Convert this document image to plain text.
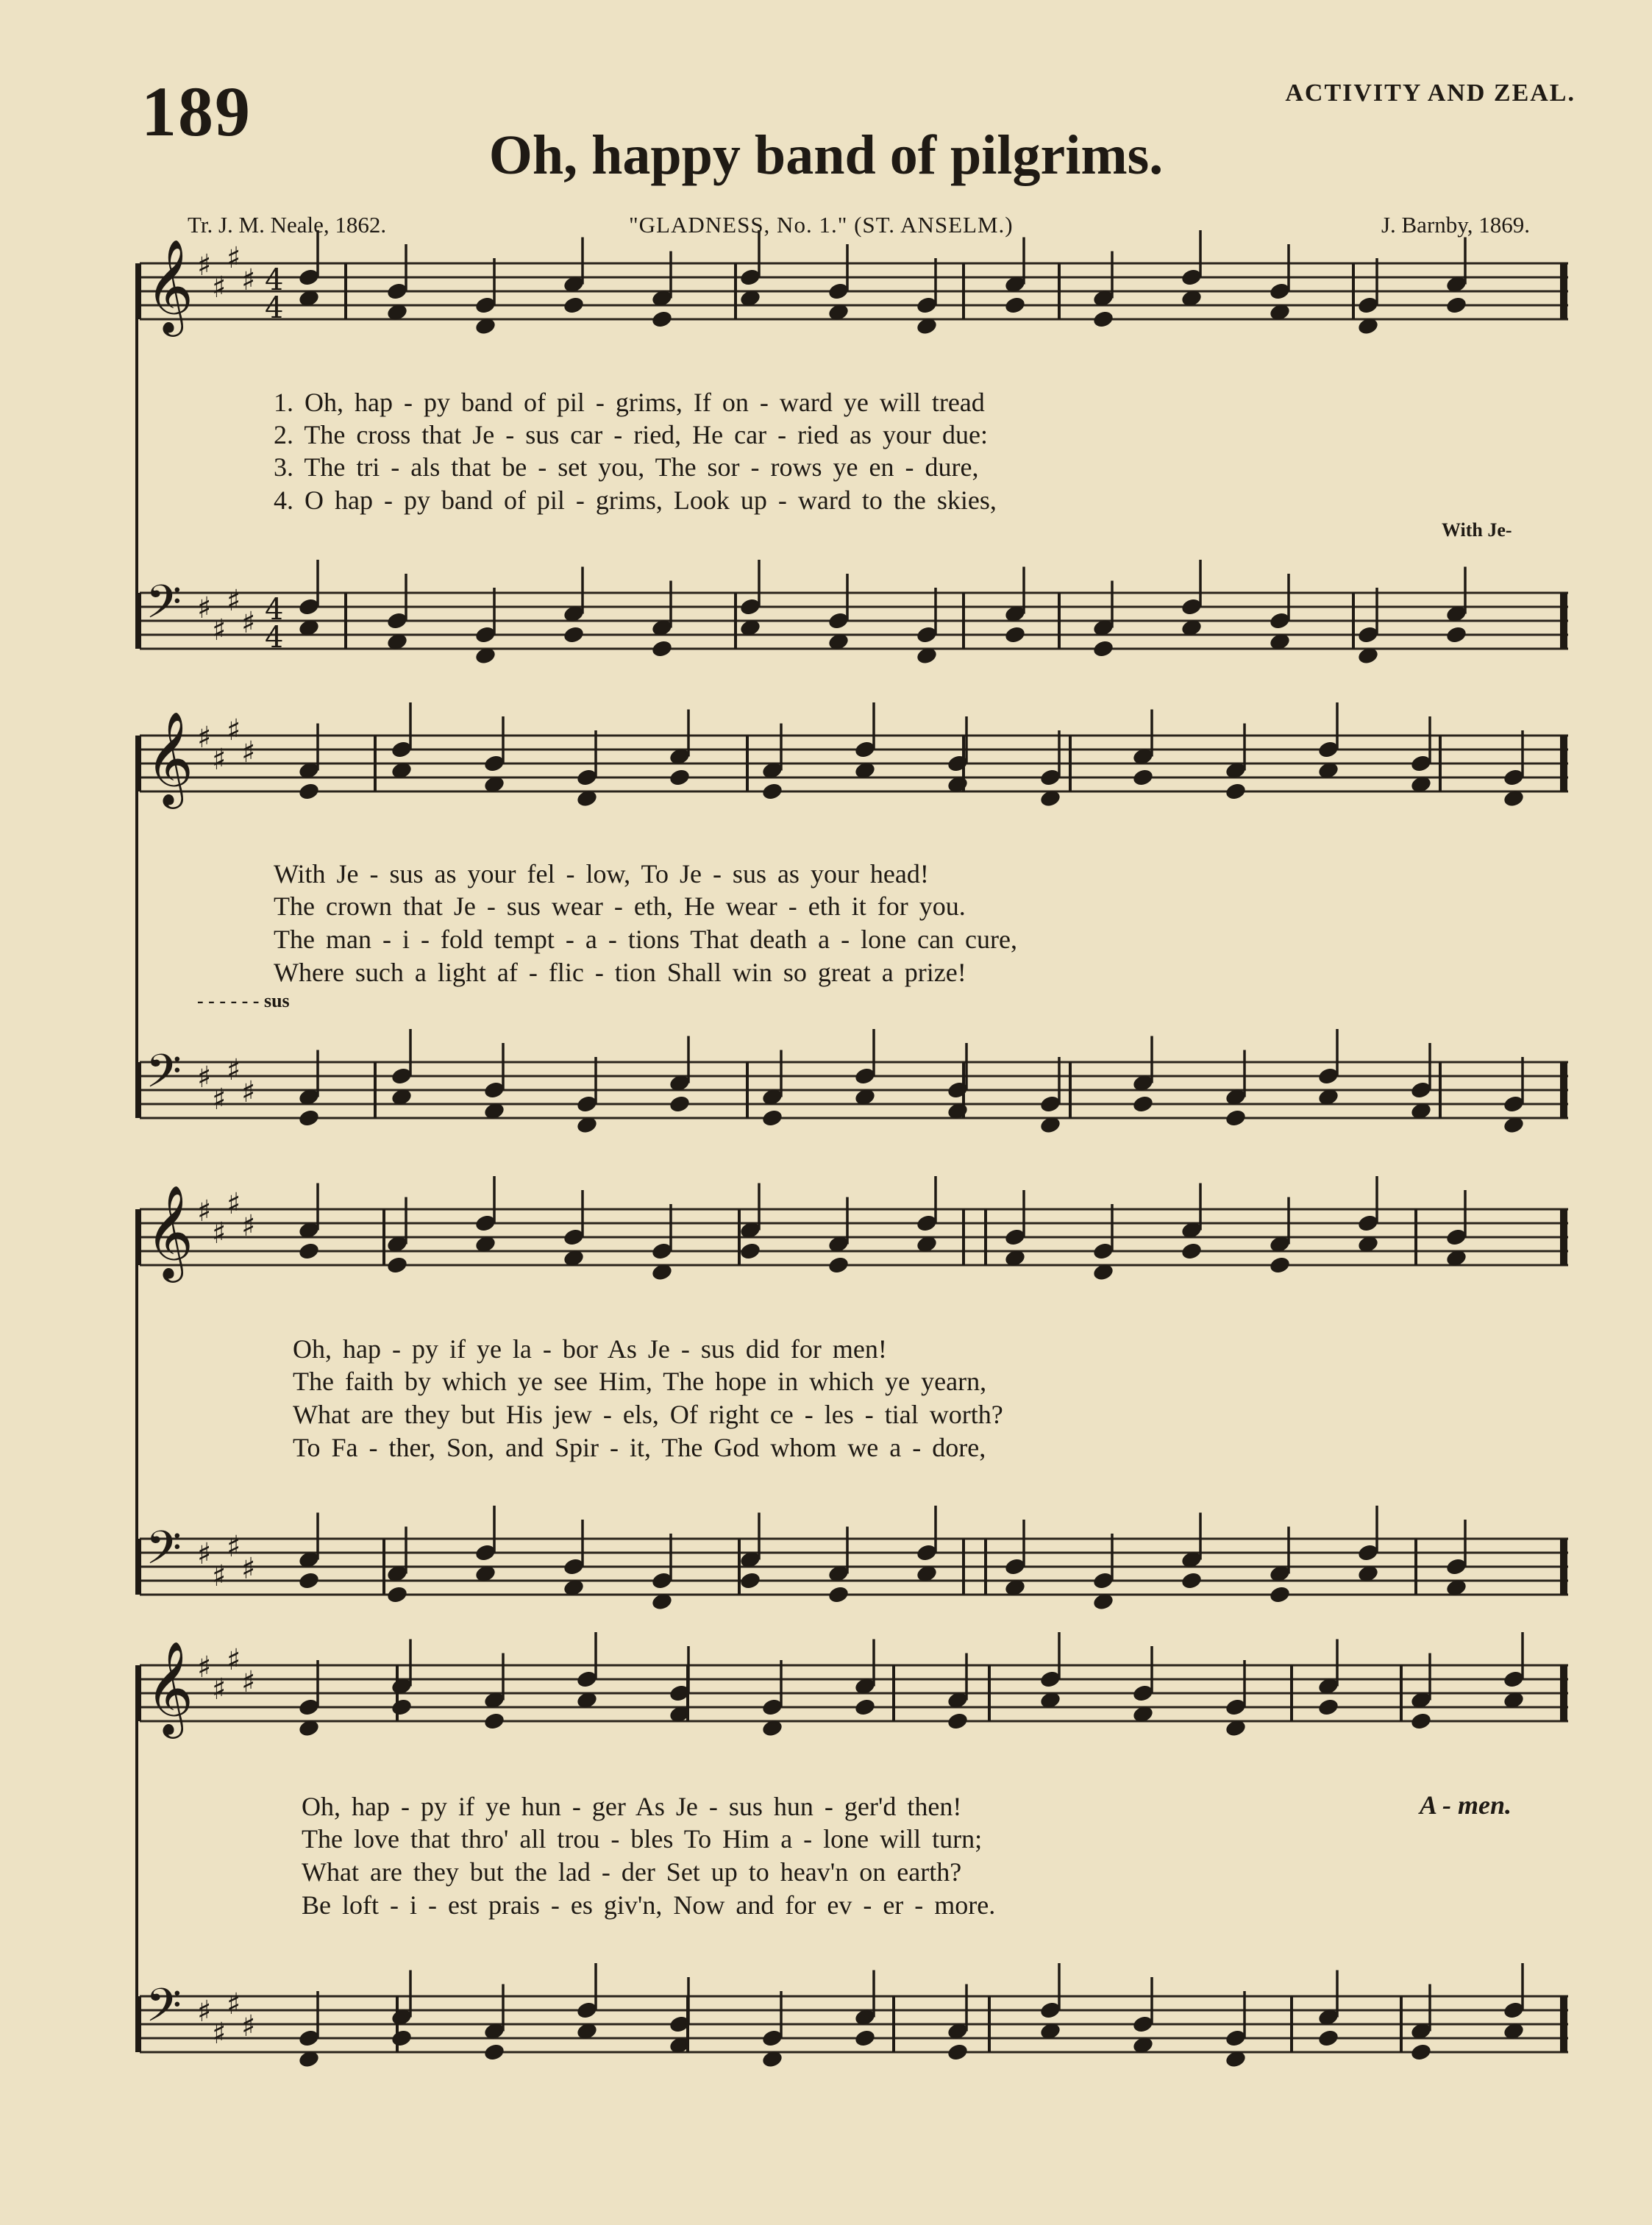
189	ACTIVITY AND ZEAL.
Oh, happy band of pilgrims.
Tr. J. M. Neale, 1862.	"GLADNESS, No. 1." (ST. ANSELM.)	J. Barnby, 1869.
𝄞 ♯
♯
♯
♯ 4
4
𝄢 ♯
♯
♯
♯ 4
4
𝄞 ♯
♯
♯
♯
𝄢 ♯
♯
♯
♯
𝄞 ♯
♯
♯
♯
𝄢 ♯
♯
♯
♯
𝄞 ♯
♯
♯
♯
𝄢 ♯
♯
♯
♯
1. Oh, hap - py band of pil - grims, If on - ward ye will tread
2. The cross that Je - sus car - ried, He car - ried as your due:
3. The tri - als that be - set you, The sor - rows ye en - dure,
4. O hap - py band of pil - grims, Look up - ward to the skies,
With Je-
With Je - sus as your fel - low, To Je - sus as your head!
The crown that Je - sus wear - eth, He wear - eth it for you.
The man - i - fold tempt - a - tions That death a - lone can cure,
Where such a light af - flic - tion Shall win so great a prize!
- - - - - - sus
Oh, hap - py if ye la - bor As Je - sus did for men!
The faith by which ye see Him, The hope in which ye yearn,
What are they but His jew - els, Of right ce - les - tial worth?
To Fa - ther, Son, and Spir - it, The God whom we a - dore,
Oh, hap - py if ye hun - ger As Je - sus hun - ger'd then!
The love that thro' all trou - bles To Him a - lone will turn;
What are they but the lad - der Set up to heav'n on earth?
Be loft - i - est prais - es giv'n, Now and for ev - er - more.
A - men.
